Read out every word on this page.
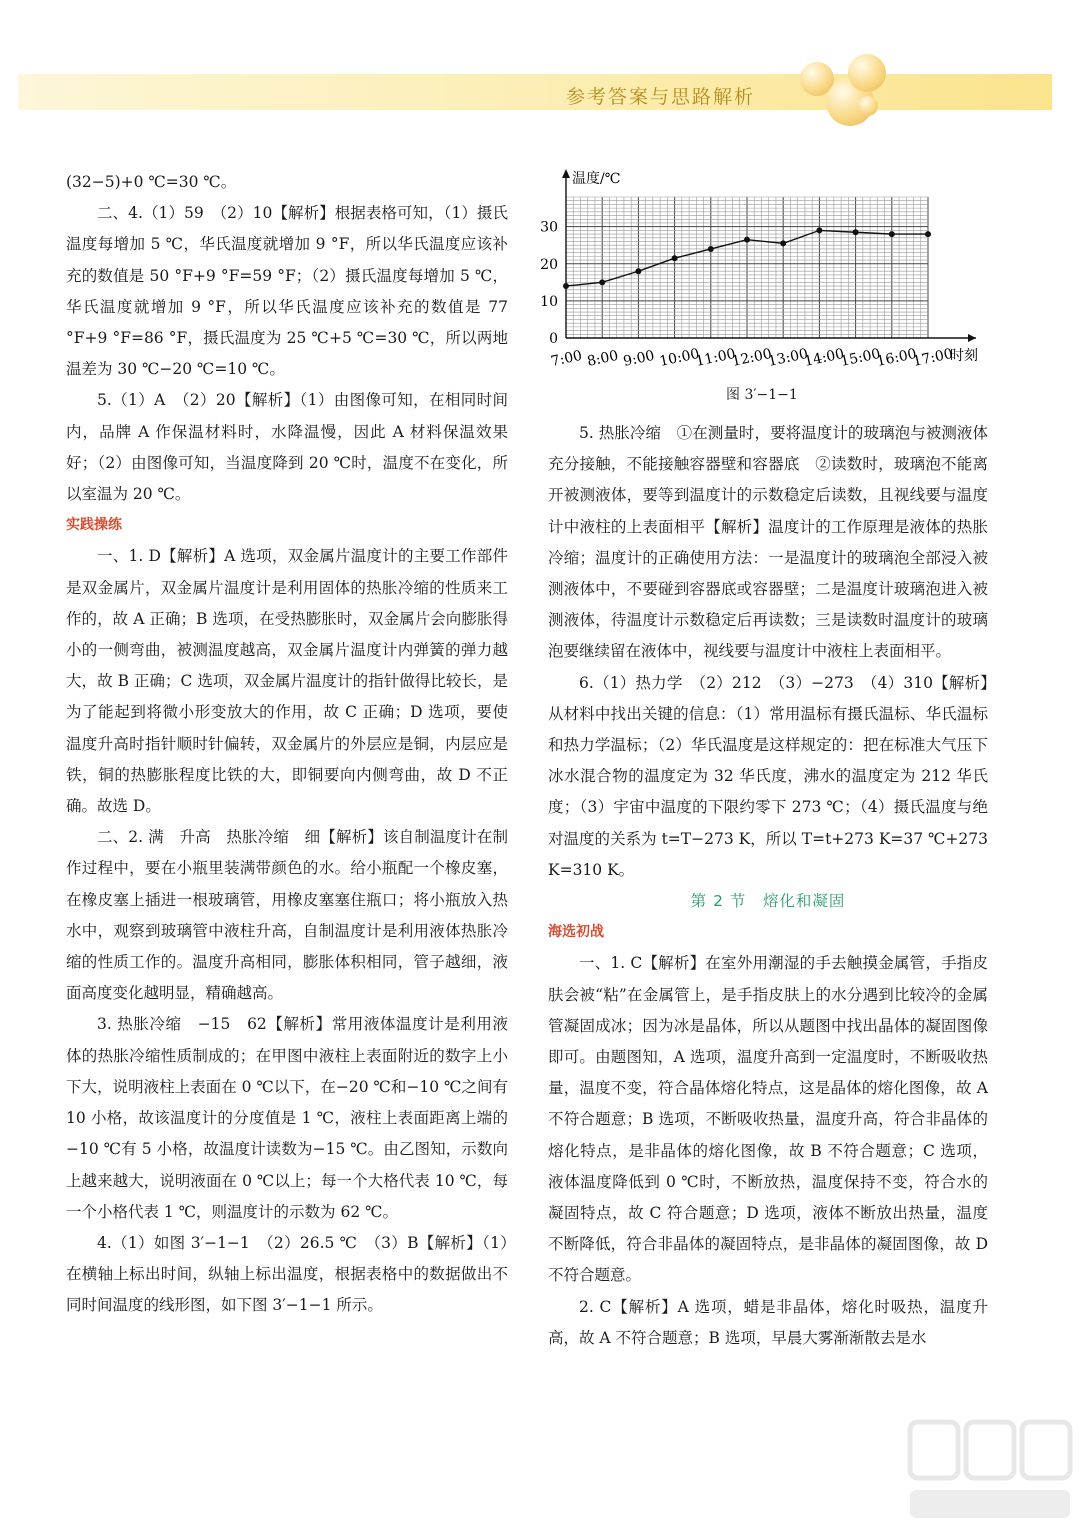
参考答案与思路解析

(32−5)+0 ℃=30 ℃。

二、4.（1）59　（2）10【解析】根据表格可知，（1）摄氏温度每增加 5 ℃，华氏温度就增加 9 °F，所以华氏温度应该补充的数值是 50 °F+9 °F=59 °F；（2）摄氏温度每增加 5 ℃，华氏温度就增加 9 °F，所以华氏温度应该补充的数值是 77 °F+9 °F=86 °F，摄氏温度为 25 ℃+5 ℃=30 ℃，所以两地温差为 30 ℃−20 ℃=10 ℃。

5.（1）A　（2）20【解析】（1）由图像可知，在相同时间内，品牌 A 作保温材料时，水降温慢，因此 A 材料保温效果好；（2）由图像可知，当温度降到 20 ℃时，温度不在变化，所以室温为 20 ℃。

实践操练

一、1. D【解析】A 选项，双金属片温度计的主要工作部件是双金属片，双金属片温度计是利用固体的热胀冷缩的性质来工作的，故 A 正确；B 选项，在受热膨胀时，双金属片会向膨胀得小的一侧弯曲，被测温度越高，双金属片温度计内弹簧的弹力越大，故 B 正确；C 选项，双金属片温度计的指针做得比较长，是为了能起到将微小形变放大的作用，故 C 正确；D 选项，要使温度升高时指针顺时针偏转，双金属片的外层应是铜，内层应是铁，铜的热膨胀程度比铁的大，即铜要向内侧弯曲，故 D 不正确。故选 D。

二、2. 满　升高　热胀冷缩　细【解析】该自制温度计在制作过程中，要在小瓶里装满带颜色的水。给小瓶配一个橡皮塞，在橡皮塞上插进一根玻璃管，用橡皮塞塞住瓶口；将小瓶放入热水中，观察到玻璃管中液柱升高，自制温度计是利用液体热胀冷缩的性质工作的。温度升高相同，膨胀体积相同，管子越细，液面高度变化越明显，精确越高。

3. 热胀冷缩　−15　62【解析】常用液体温度计是利用液体的热胀冷缩性质制成的；在甲图中液柱上表面附近的数字上小下大，说明液柱上表面在 0 ℃以下，在−20 ℃和−10 ℃之间有 10 小格，故该温度计的分度值是 1 ℃，液柱上表面距离上端的−10 ℃有 5 小格，故温度计读数为−15 ℃。由乙图知，示数向上越来越大，说明液面在 0 ℃以上；每一个大格代表 10 ℃，每一个小格代表 1 ℃，则温度计的示数为 62 ℃。

4.（1）如图 3′−1−1　（2）26.5 ℃　（3）B【解析】（1）在横轴上标出时间，纵轴上标出温度，根据表格中的数据做出不同时间温度的线形图，如下图 3′−1−1 所示。

温度/℃
时刻
0
10
20
30
7:00 8:00 9:00 10:00
11:00
12:00
13:00
14:00
15:00
16:00
17:00
图 3′−1−1

5. 热胀冷缩　①在测量时，要将温度计的玻璃泡与被测液体充分接触，不能接触容器壁和容器底　②读数时，玻璃泡不能离开被测液体，要等到温度计的示数稳定后读数，且视线要与温度计中液柱的上表面相平【解析】温度计的工作原理是液体的热胀冷缩；温度计的正确使用方法：一是温度计的玻璃泡全部浸入被测液体中，不要碰到容器底或容器壁；二是温度计玻璃泡进入被测液体，待温度计示数稳定后再读数；三是读数时温度计的玻璃泡要继续留在液体中，视线要与温度计中液柱上表面相平。

6.（1）热力学　（2）212　（3）−273　（4）310【解析】从材料中找出关键的信息：（1）常用温标有摄氏温标、华氏温标和热力学温标；（2）华氏温度是这样规定的：把在标准大气压下冰水混合物的温度定为 32 华氏度，沸水的温度定为 212 华氏度；（3）宇宙中温度的下限约零下 273 ℃；（4）摄氏温度与绝对温度的关系为 t=T−273 K，所以 T=t+273 K=37 ℃+273 K=310 K。

第 2 节　熔化和凝固

海选初战

一、1. C【解析】在室外用潮湿的手去触摸金属管，手指皮肤会被“粘”在金属管上，是手指皮肤上的水分遇到比较冷的金属管凝固成冰；因为冰是晶体，所以从题图中找出晶体的凝固图像即可。由题图知，A 选项，温度升高到一定温度时，不断吸收热量，温度不变，符合晶体熔化特点，这是晶体的熔化图像，故 A 不符合题意；B 选项，不断吸收热量，温度升高，符合非晶体的熔化特点，是非晶体的熔化图像，故 B 不符合题意；C 选项，液体温度降低到 0 ℃时，不断放热，温度保持不变，符合水的凝固特点，故 C 符合题意；D 选项，液体不断放出热量，温度不断降低，符合非晶体的凝固特点，是非晶体的凝固图像，故 D 不符合题意。

2. C【解析】A 选项，蜡是非晶体，熔化时吸热，温度升高，故 A 不符合题意；B 选项，早晨大雾渐渐散去是水
